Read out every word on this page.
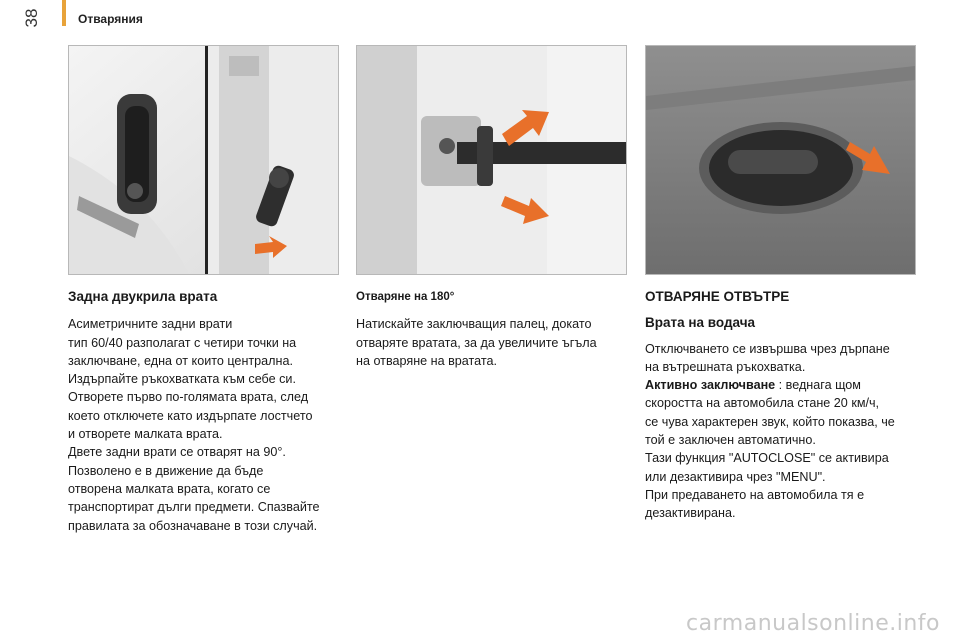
38	Отваряния
Задна двукрила врата
Асиметричните задни врати
тип 60/40 разполагат с четири точки на
заключване, една от които централна.
Издърпайте ръкохватката към себе си.
Отворете първо по-голямата врата, след
което отключете като издърпате лостчето
и отворете малката врата.
Двете задни врати се отварят на 90°.
Позволено е в движение да бъде
отворена малката врата, когато се
транспортират дълги предмети. Спазвайте
правилата за обозначаване в този случай.
Отваряне на 180°
Натискайте заключващия палец, докато
отваряте вратата, за да увеличите ъгъла
на отваряне на вратата.
ОТВАРЯНЕ ОТВЪТРЕ
Врата на водача
Отключването се извършва чрез дърпане
на вътрешната ръкохватка.
Активно заключване : веднага щом
скоростта на автомобила стане 20 км/ч,
се чува характерен звук, който показва, че
той е заключен автоматично.
Тази функция "AUTOCLOSE" се активира
или дезактивира чрез "MENU".
При предаването на автомобила тя е
дезактивирана.
carmanualsonline.info
